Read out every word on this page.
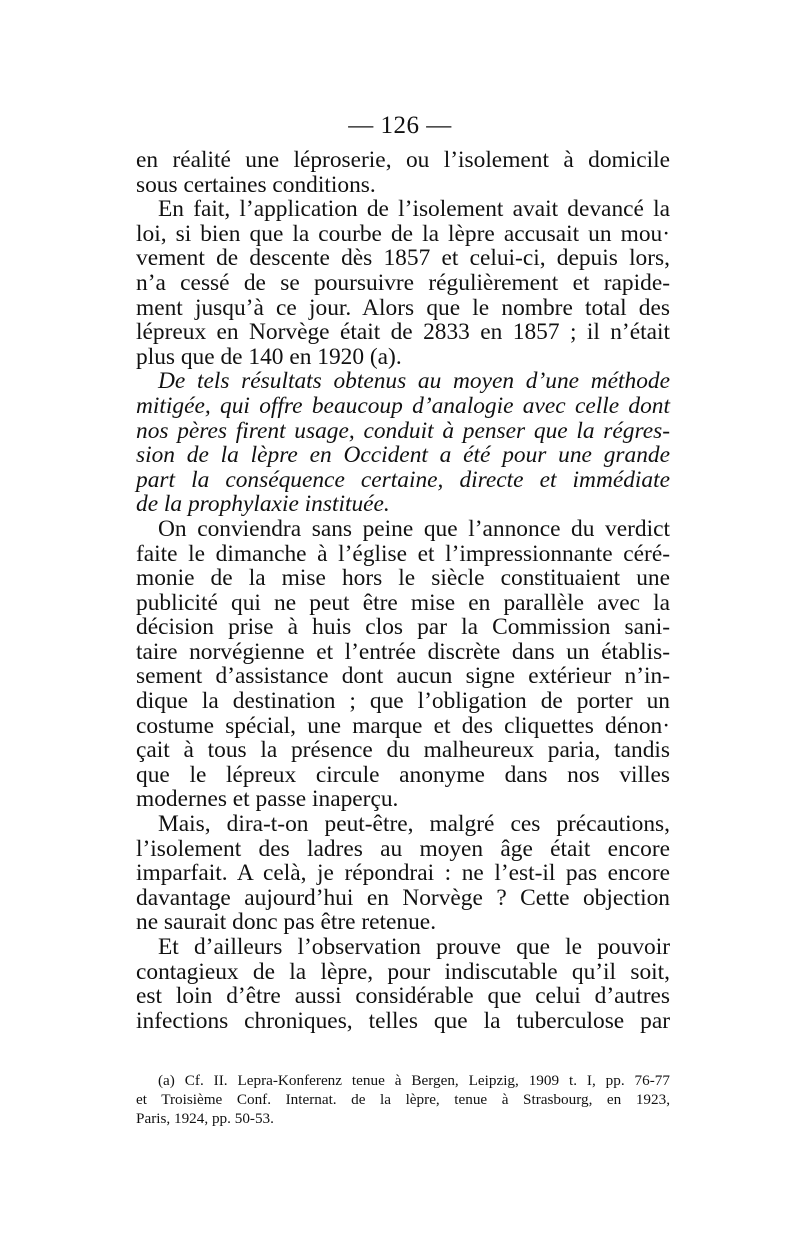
— 126 —
en réalité une léproserie, ou l’isolement à domicile
sous certaines conditions.
En fait, l’application de l’isolement avait devancé la
loi, si bien que la courbe de la lèpre accusait un mou·
vement de descente dès 1857 et celui-ci, depuis lors,
n’a cessé de se poursuivre régulièrement et rapide-
ment jusqu’à ce jour. Alors que le nombre total des
lépreux en Norvège était de 2833 en 1857 ; il n’était
plus que de 140 en 1920 (a).
De tels résultats obtenus au moyen d’une méthode
mitigée, qui offre beaucoup d’analogie avec celle dont
nos pères firent usage, conduit à penser que la régres-
sion de la lèpre en Occident a été pour une grande
part la conséquence certaine, directe et immédiate
de la prophylaxie instituée.
On conviendra sans peine que l’annonce du verdict
faite le dimanche à l’église et l’impressionnante céré-
monie de la mise hors le siècle constituaient une
publicité qui ne peut être mise en parallèle avec la
décision prise à huis clos par la Commission sani-
taire norvégienne et l’entrée discrète dans un établis-
sement d’assistance dont aucun signe extérieur n’in-
dique la destination ; que l’obligation de porter un
costume spécial, une marque et des cliquettes dénon·
çait à tous la présence du malheureux paria, tandis
que le lépreux circule anonyme dans nos villes
modernes et passe inaperçu.
Mais, dira-t-on peut-être, malgré ces précautions,
l’isolement des ladres au moyen âge était encore
imparfait. A celà, je répondrai : ne l’est-il pas encore
davantage aujourd’hui en Norvège ? Cette objection
ne saurait donc pas être retenue.
Et d’ailleurs l’observation prouve que le pouvoir
contagieux de la lèpre, pour indiscutable qu’il soit,
est loin d’être aussi considérable que celui d’autres
infections chroniques, telles que la tuberculose par
(a) Cf. II. Lepra-Konferenz tenue à Bergen, Leipzig, 1909 t. I, pp. 76-77
et Troisième Conf. Internat. de la lèpre, tenue à Strasbourg, en 1923,
Paris, 1924, pp. 50-53.
